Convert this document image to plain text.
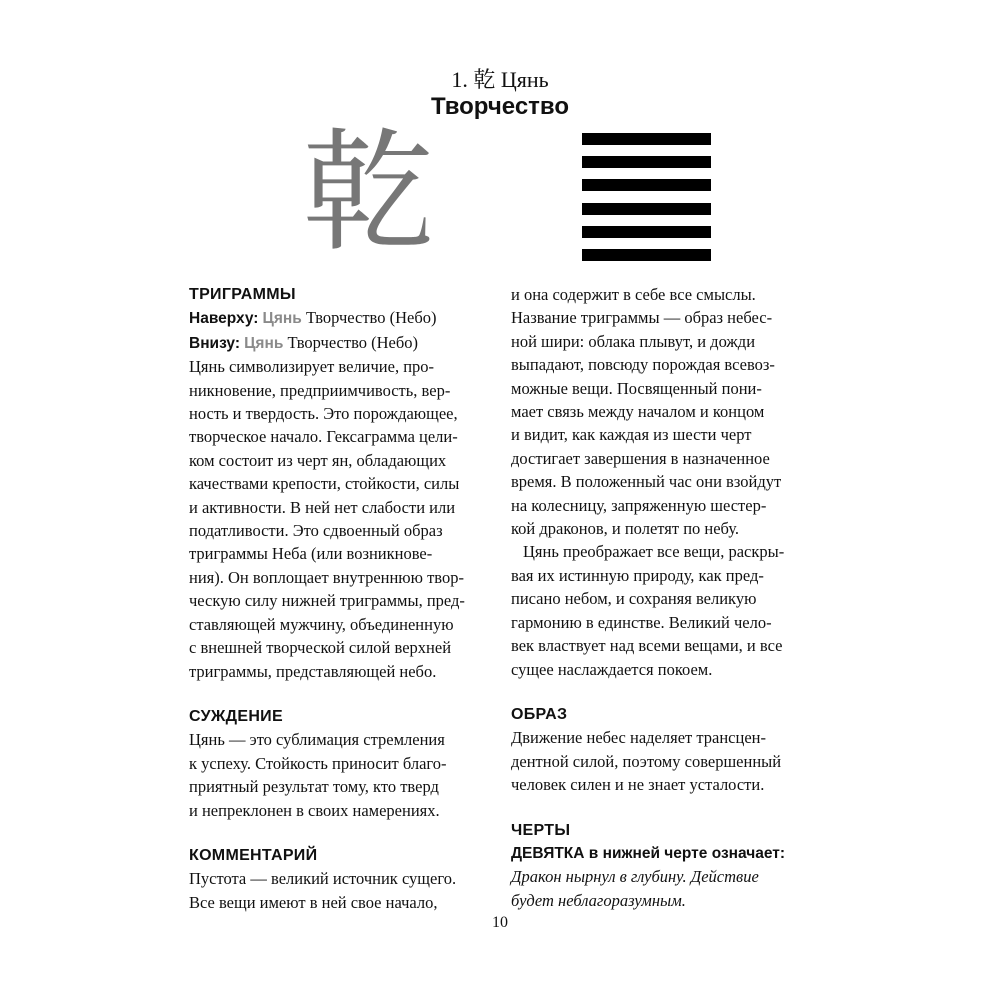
1. 乾 Цянь
Творчество
乾

ТРИГРАММЫ

Наверху: Цянь Творчество (Небо)

Внизу: Цянь Творчество (Небо)

Цянь символизирует величие, про-

никновение, предприимчивость, вер-

ность и твердость. Это порождающее,

творческое начало. Гексаграмма цели-

ком состоит из черт ян, обладающих

качествами крепости, стойкости, силы

и активности. В ней нет слабости или

податливости. Это сдвоенный образ

триграммы Неба (или возникнове-

ния). Он воплощает внутреннюю твор-

ческую силу нижней триграммы, пред-

ставляющей мужчину, объединенную

с внешней творческой силой верхней

триграммы, представляющей небо.

СУЖДЕНИЕ

Цянь — это сублимация стремления

к успеху. Стойкость приносит благо-

приятный результат тому, кто тверд

и непреклонен в своих намерениях.

КОММЕНТАРИЙ

Пустота — великий источник сущего.

Все вещи имеют в ней свое начало,

и она содержит в себе все смыслы.

Название триграммы — образ небес-

ной шири: облака плывут, и дожди

выпадают, повсюду порождая всевоз-

можные вещи. Посвященный пони-

мает связь между началом и концом

и видит, как каждая из шести черт

достигает завершения в назначенное

время. В положенный час они взойдут

на колесницу, запряженную шестер-

кой драконов, и полетят по небу.

Цянь преображает все вещи, раскры-

вая их истинную природу, как пред-

писано небом, и сохраняя великую

гармонию в единстве. Великий чело-

век властвует над всеми вещами, и все

сущее наслаждается покоем.

ОБРАЗ

Движение небес наделяет трансцен-

дентной силой, поэтому совершенный

человек силен и не знает усталости.

ЧЕРТЫ

ДЕВЯТКА в нижней черте означает:

Дракон нырнул в глубину. Действие

будет неблагоразумным.

10
